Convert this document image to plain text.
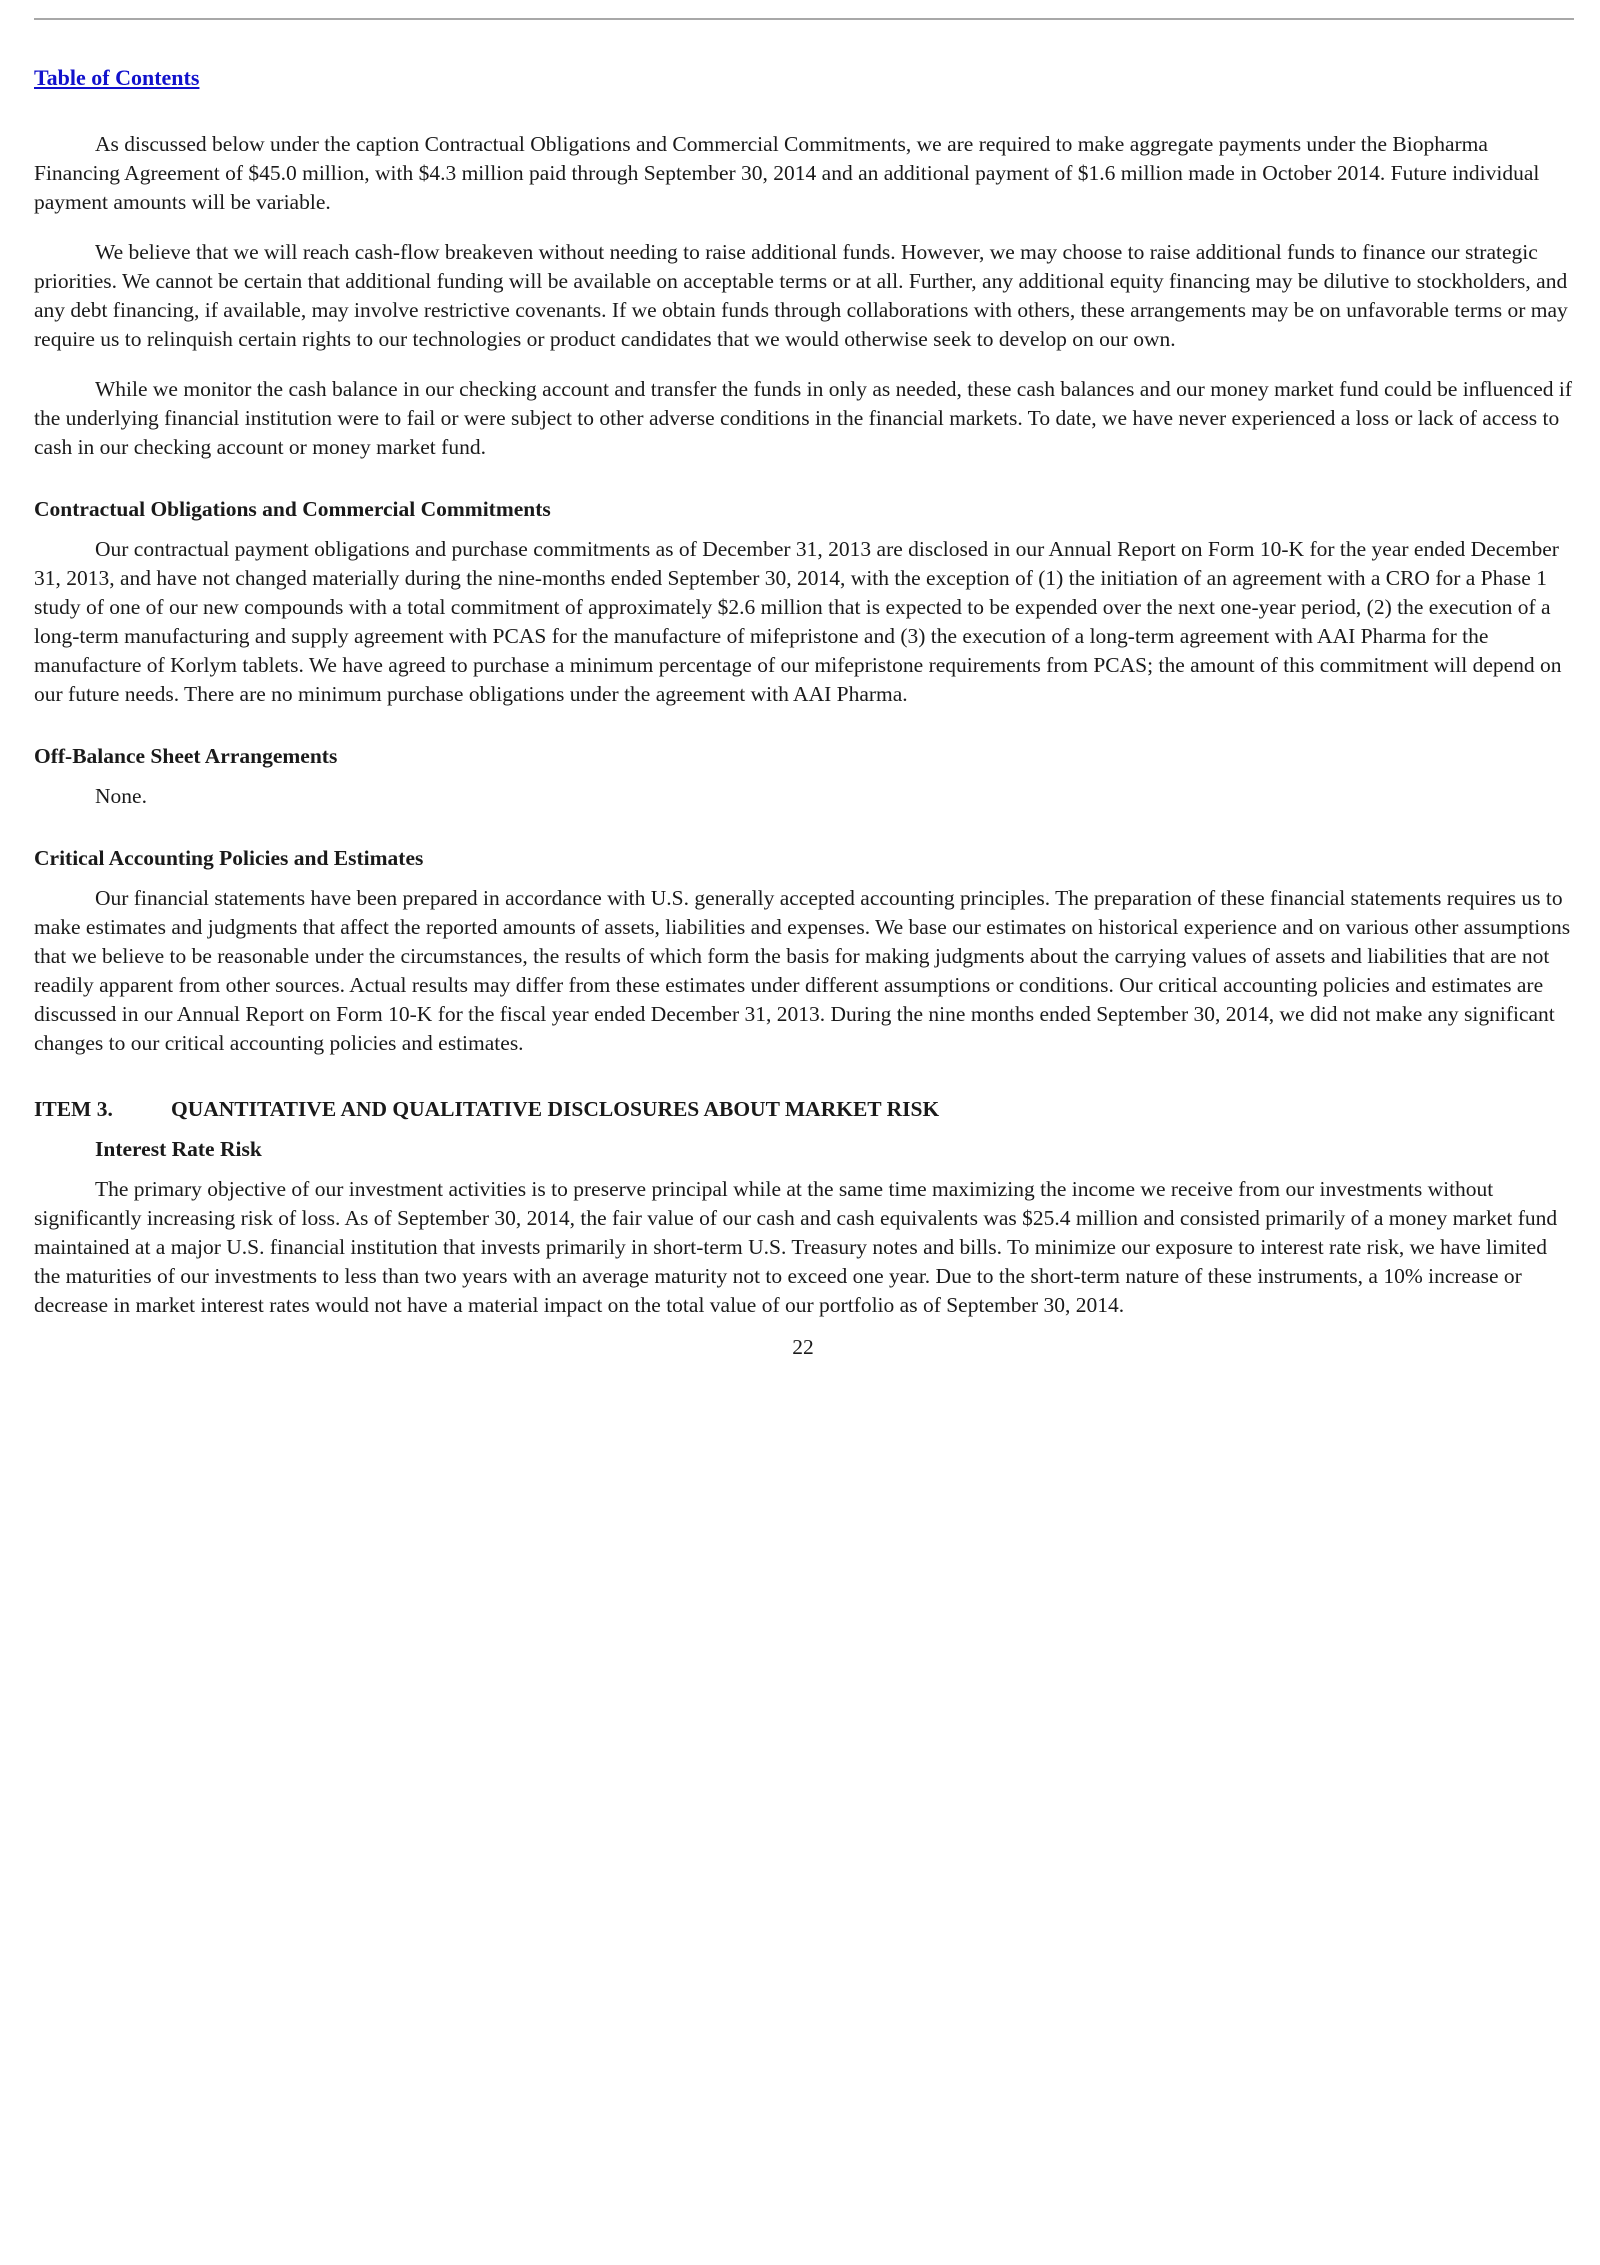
Table of Contents

As discussed below under the caption Contractual Obligations and Commercial Commitments, we are required to make aggregate payments under the Biopharma Financing Agreement of $45.0 million, with $4.3 million paid through September 30, 2014 and an additional payment of $1.6 million made in October 2014. Future individual payment amounts will be variable.

We believe that we will reach cash-flow breakeven without needing to raise additional funds. However, we may choose to raise additional funds to finance our strategic priorities. We cannot be certain that additional funding will be available on acceptable terms or at all. Further, any additional equity financing may be dilutive to stockholders, and any debt financing, if available, may involve restrictive covenants. If we obtain funds through collaborations with others, these arrangements may be on unfavorable terms or may require us to relinquish certain rights to our technologies or product candidates that we would otherwise seek to develop on our own.

While we monitor the cash balance in our checking account and transfer the funds in only as needed, these cash balances and our money market fund could be influenced if the underlying financial institution were to fail or were subject to other adverse conditions in the financial markets. To date, we have never experienced a loss or lack of access to cash in our checking account or money market fund.

Contractual Obligations and Commercial Commitments

Our contractual payment obligations and purchase commitments as of December 31, 2013 are disclosed in our Annual Report on Form 10-K for the year ended December 31, 2013, and have not changed materially during the nine-months ended September 30, 2014, with the exception of (1) the initiation of an agreement with a CRO for a Phase 1 study of one of our new compounds with a total commitment of approximately $2.6 million that is expected to be expended over the next one-year period, (2) the execution of a long-term manufacturing and supply agreement with PCAS for the manufacture of mifepristone and (3) the execution of a long-term agreement with AAI Pharma for the manufacture of Korlym tablets. We have agreed to purchase a minimum percentage of our mifepristone requirements from PCAS; the amount of this commitment will depend on our future needs. There are no minimum purchase obligations under the agreement with AAI Pharma.

Off-Balance Sheet Arrangements
None.
Critical Accounting Policies and Estimates

Our financial statements have been prepared in accordance with U.S. generally accepted accounting principles. The preparation of these financial statements requires us to make estimates and judgments that affect the reported amounts of assets, liabilities and expenses. We base our estimates on historical experience and on various other assumptions that we believe to be reasonable under the circumstances, the results of which form the basis for making judgments about the carrying values of assets and liabilities that are not readily apparent from other sources. Actual results may differ from these estimates under different assumptions or conditions. Our critical accounting policies and estimates are discussed in our Annual Report on Form 10-K for the fiscal year ended December 31, 2013. During the nine months ended September 30, 2014, we did not make any significant changes to our critical accounting policies and estimates.

ITEM 3.	QUANTITATIVE AND QUALITATIVE DISCLOSURES ABOUT MARKET RISK
Interest Rate Risk

The primary objective of our investment activities is to preserve principal while at the same time maximizing the income we receive from our investments without significantly increasing risk of loss. As of September 30, 2014, the fair value of our cash and cash equivalents was $25.4 million and consisted primarily of a money market fund maintained at a major U.S. financial institution that invests primarily in short-term U.S. Treasury notes and bills. To minimize our exposure to interest rate risk, we have limited the maturities of our investments to less than two years with an average maturity not to exceed one year. Due to the short-term nature of these instruments, a 10% increase or decrease in market interest rates would not have a material impact on the total value of our portfolio as of September 30, 2014.

22
